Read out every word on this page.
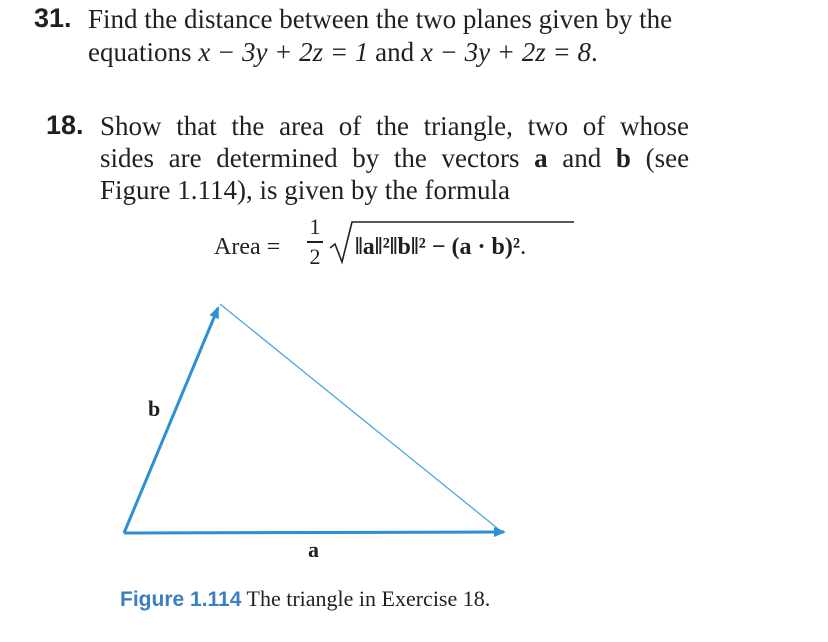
31. Find the distance between the two planes given by the
equations x − 3y + 2z = 1 and x − 3y + 2z = 8.
18. Show that the area of the triangle, two of whose
sides are determined by the vectors a and b (see
Figure 1.114), is given by the formula
Area =
1
2 ‖a‖²‖b‖² − (a · b)².
b
a
Figure 1.114 The triangle in Exercise 18.
